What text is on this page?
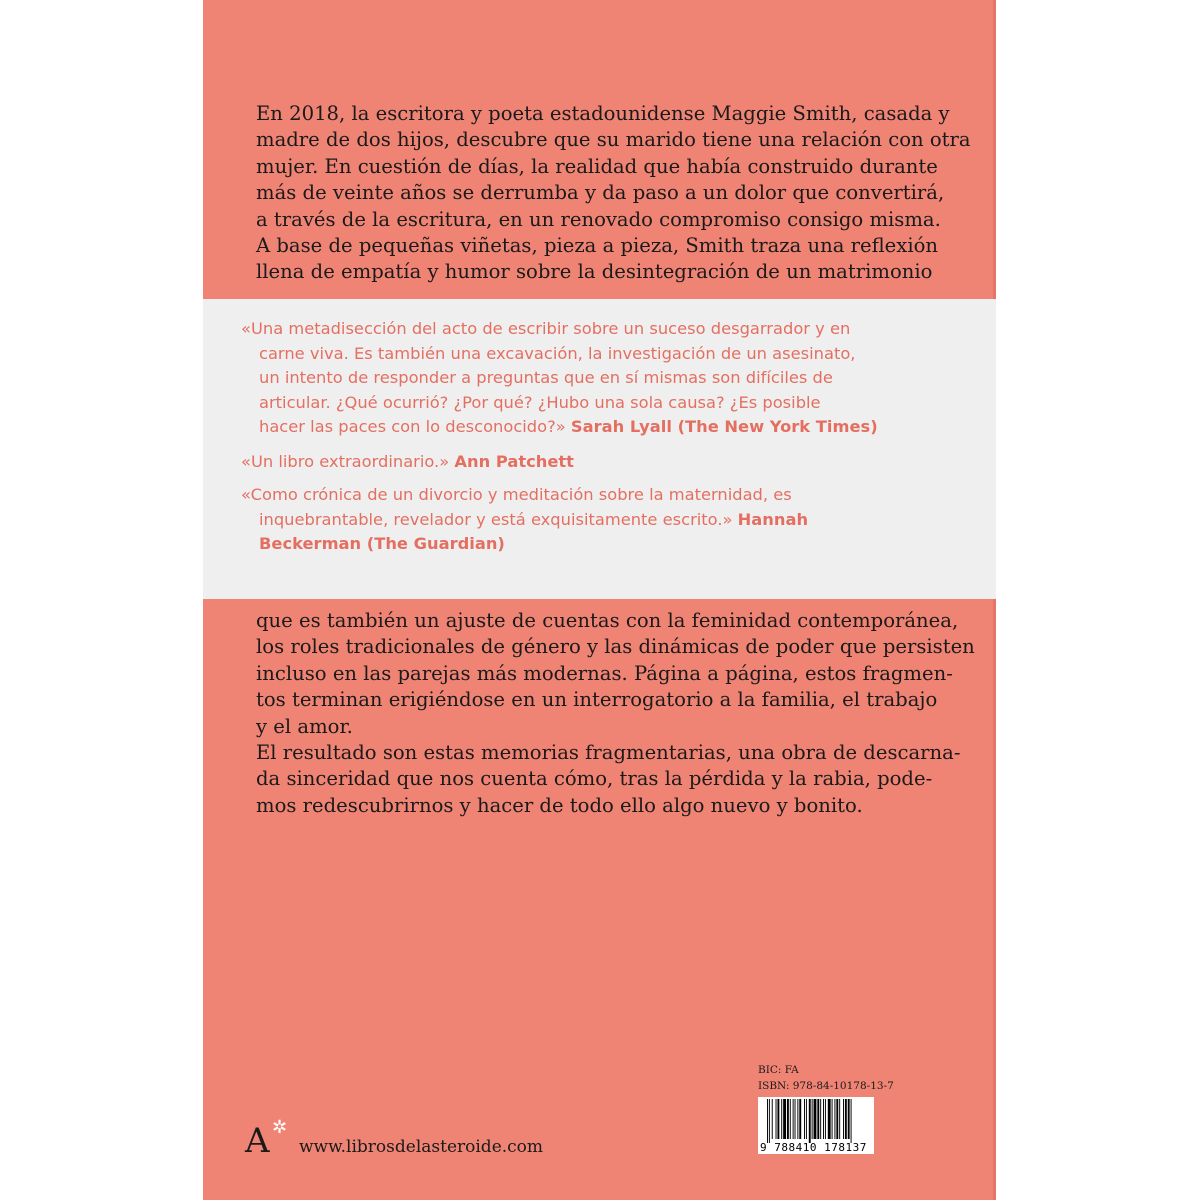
En 2018, la escritora y poeta estadounidense Maggie Smith, casada y
madre de dos hijos, descubre que su marido tiene una relación con otra
mujer. En cuestión de días, la realidad que había construido durante
más de veinte años se derrumba y da paso a un dolor que convertirá,
a través de la escritura, en un renovado compromiso consigo misma.
A base de pequeñas viñetas, pieza a pieza, Smith traza una reflexión
llena de empatía y humor sobre la desintegración de un matrimonio

«Una metadisección del acto de escribir sobre un suceso desgarrador y en
carne viva. Es también una excavación, la investigación de un asesinato,
un intento de responder a preguntas que en sí mismas son difíciles de
articular. ¿Qué ocurrió? ¿Por qué? ¿Hubo una sola causa? ¿Es posible
hacer las paces con lo desconocido?» Sarah Lyall (The New York Times)

«Un libro extraordinario.» Ann Patchett

«Como crónica de un divorcio y meditación sobre la maternidad, es
inquebrantable, revelador y está exquisitamente escrito.» Hannah
Beckerman (The Guardian)

que es también un ajuste de cuentas con la feminidad contemporánea,
los roles tradicionales de género y las dinámicas de poder que persisten
incluso en las parejas más modernas. Página a página, estos fragmen-
tos terminan erigiéndose en un interrogatorio a la familia, el trabajo
y el amor.
El resultado son estas memorias fragmentarias, una obra de descarna-
da sinceridad que nos cuenta cómo, tras la pérdida y la rabia, pode-
mos redescubrirnos y hacer de todo ello algo nuevo y bonito.

A ✲
www.librosdelasteroide.com
BIC: FA
ISBN: 978-84-10178-13-7
9 788410 178137
